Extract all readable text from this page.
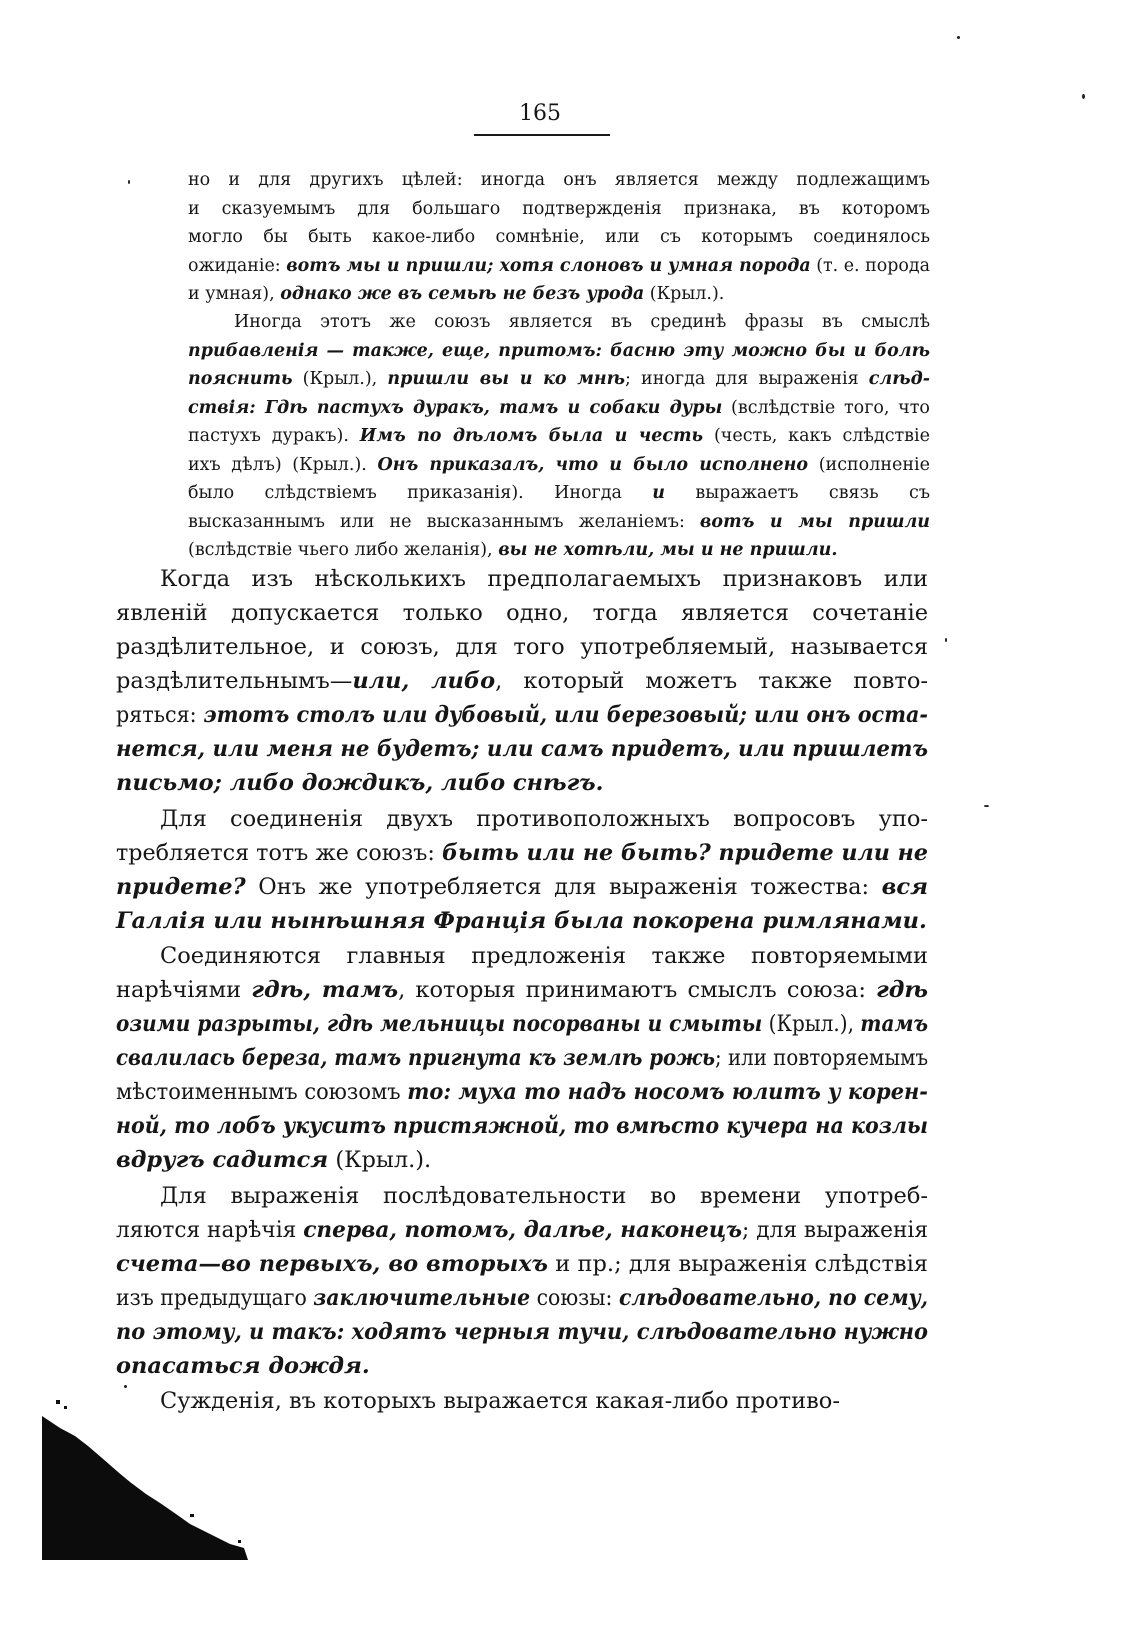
165
но и для другихъ цѣлей: иногда онъ является между подлежащимъ
и сказуемымъ для большаго подтвержденія признака, въ которомъ
могло бы быть какое-либо сомнѣніе, или съ которымъ соединялось
ожиданіе: вотъ мы и пришли; хотя слоновъ и умная порода (т. е. порода
и умная), однако же въ семьѣ не безъ урода (Крыл.).
Иногда этотъ же союзъ является въ срединѣ фразы въ смыслѣ
прибавленія — также, еще, притомъ: басню эту можно бы и болѣ
пояснить (Крыл.), пришли вы и ко мнѣ; иногда для выраженія слѣд-
ствія: Гдѣ пастухъ дуракъ, тамъ и собаки дуры (вслѣдствіе того, что
пастухъ дуракъ). Имъ по дѣломъ была и честь (честь, какъ слѣдствіе
ихъ дѣлъ) (Крыл.). Онъ приказалъ, что и было исполнено (исполненіе
было слѣдствіемъ приказанія). Иногда и выражаетъ связь съ
высказаннымъ или не высказаннымъ желаніемъ: вотъ и мы пришли
(вслѣдствіе чьего либо желанія), вы не хотѣли, мы и не пришли.
Когда изъ нѣсколькихъ предполагаемыхъ признаковъ или
явленій допускается только одно, тогда является сочетаніе
раздѣлительное, и союзъ, для того употребляемый, называется
раздѣлительнымъ—или, либо, который можетъ также повто-
ряться: этотъ столъ или дубовый, или березовый; или онъ оста-
нется, или меня не будетъ; или самъ придетъ, или пришлетъ
письмо; либо дождикъ, либо снѣгъ.
Для соединенія двухъ противоположныхъ вопросовъ упо-
требляется тотъ же союзъ: быть или не быть? придете или не
придете? Онъ же употребляется для выраженія тожества: вся
Галлія или нынѣшняя Франція была покорена римлянами.
Соединяются главныя предложенія также повторяемыми
нарѣчіями гдѣ, тамъ, которыя принимаютъ смыслъ союза: гдѣ
озими разрыты, гдѣ мельницы посорваны и смыты (Крыл.), тамъ
свалилась береза, тамъ пригнута къ землѣ рожь; или повторяемымъ
мѣстоименнымъ союзомъ то: муха то надъ носомъ юлитъ у корен-
ной, то лобъ укуситъ пристяжной, то вмѣсто кучера на козлы
вдругъ садится (Крыл.).
Для выраженія послѣдовательности во времени употреб-
ляются нарѣчія сперва, потомъ, далѣе, наконецъ; для выраженія
счета—во первыхъ, во вторыхъ и пр.; для выраженія слѣдствія
изъ предыдущаго заключительные союзы: слѣдовательно, по сему,
по этому, и такъ: ходятъ черныя тучи, слѣдовательно нужно
опасаться дождя.
Сужденія, въ которыхъ выражается какая-либо противо-
